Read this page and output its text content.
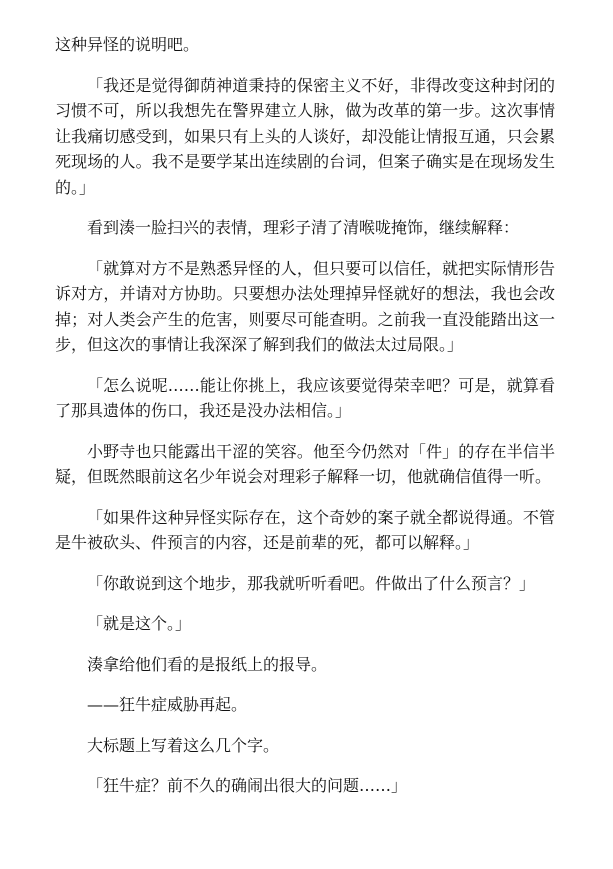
这种异怪的说明吧。

「我还是觉得御荫神道秉持的保密主义不好，非得改变这种封闭的习惯不可，所以我想先在警界建立人脉，做为改革的第一步。这次事情让我痛切感受到，如果只有上头的人谈好，却没能让情报互通，只会累死现场的人。我不是要学某出连续剧的台词，但案子确实是在现场发生的。」

看到湊一脸扫兴的表情，理彩子清了清喉咙掩饰，继续解释：

「就算对方不是熟悉异怪的人，但只要可以信任，就把实际情形告诉对方，并请对方协助。只要想办法处理掉异怪就好的想法，我也会改掉；对人类会产生的危害，则要尽可能查明。之前我一直没能踏出这一步，但这次的事情让我深深了解到我们的做法太过局限。」

「怎么说呢……能让你挑上，我应该要觉得荣幸吧？可是，就算看了那具遗体的伤口，我还是没办法相信。」

小野寺也只能露出干涩的笑容。他至今仍然对「件」的存在半信半疑，但既然眼前这名少年说会对理彩子解释一切，他就确信值得一听。

「如果件这种异怪实际存在，这个奇妙的案子就全都说得通。不管是牛被砍头、件预言的内容，还是前辈的死，都可以解释。」

「你敢说到这个地步，那我就听听看吧。件做出了什么预言？」

「就是这个。」

湊拿给他们看的是报纸上的报导。

——狂牛症威胁再起。

大标题上写着这么几个字。

「狂牛症？前不久的确闹出很大的问题……」
